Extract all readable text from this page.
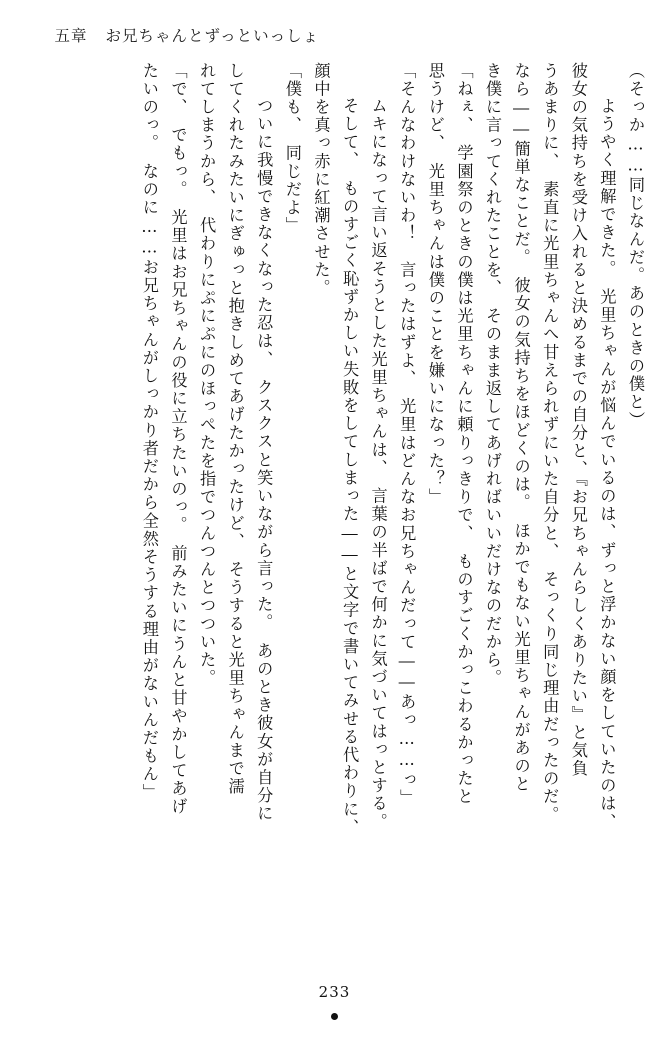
五章 お兄ちゃんとずっといっしょ
（そっか……同じなんだ。あのときの僕と）
　ようやく理解できた。　光里ちゃんが悩んでいるのは、ずっと浮かない顔をしていたのは、
彼女の気持ちを受け入れると決めるまでの自分と、『お兄ちゃんらしくありたい』と気負
うあまりに、　素直に光里ちゃんへ甘えられずにいた自分と、　そっくり同じ理由だったのだ。
なら――簡単なことだ。　彼女の気持ちをほどくのは。　ほかでもない光里ちゃんがあのと
き僕に言ってくれたことを、　そのまま返してあげればいいだけなのだから。
「ねぇ、　学園祭のときの僕は光里ちゃんに頼りっきりで、　ものすごくかっこわるかったと
思うけど、　光里ちゃんは僕のことを嫌いになった？」
「そんなわけないわ！　言ったはずよ、　光里はどんなお兄ちゃんだって――あっ……っ」
　ムキになって言い返そうとした光里ちゃんは、　言葉の半ばで何かに気づいてはっとする。
　そして、　ものすごく恥ずかしい失敗をしてしまった――と文字で書いてみせる代わりに、
顔中を真っ赤に紅潮させた。
「僕も、　同じだよ」
　ついに我慢できなくなった忍は、　クスクスと笑いながら言った。　あのとき彼女が自分に
してくれたみたいにぎゅっと抱きしめてあげたかったけど、　そうすると光里ちゃんまで濡
れてしまうから、　代わりにぷにぷにのほっぺたを指でつんつんとつついた。
「で、　でもっ。　光里はお兄ちゃんの役に立ちたいのっ。　前みたいにうんと甘やかしてあげ
たいのっ。　なのに……お兄ちゃんがしっかり者だから全然そうする理由がないんだもん」
233
